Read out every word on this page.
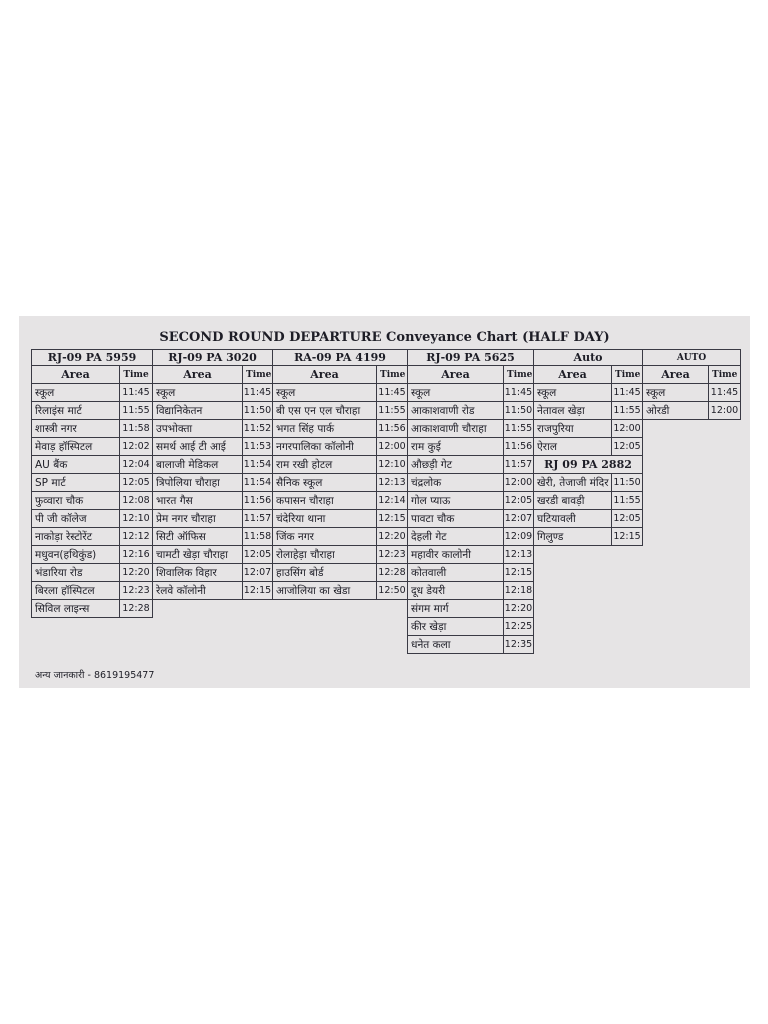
SECOND ROUND DEPARTURE Conveyance Chart (HALF DAY)
RJ-09 PA 5959	
Area	Time
स्कूल	11:45
रिलाइंस मार्ट	11:55
शास्त्री नगर	11:58
मेवाड़ हॉस्पिटल	12:02
AU बैंक	12:04
SP मार्ट	12:05
फुव्वारा चौक	12:08
पी जी कॉलेज	12:10
नाकोड़ा रेस्टोरेंट	12:12
मधुवन(हथिकुंड)	12:16
भंडारिया रोड	12:20
बिरला हॉस्पिटल	12:23
सिविल लाइन्स	12:28
RJ-09 PA 3020	
Area	Time
स्कूल	11:45
विद्यानिकेतन	11:50
उपभोक्ता	11:52
समर्थ आई टी आई	11:53
बालाजी मेडिकल	11:54
त्रिपोलिया चौराहा	11:54
भारत गैस	11:56
प्रेम नगर चौराहा	11:57
सिटी ऑफिस	11:58
चामटी खेड़ा चौराहा	12:05
शिवालिक विहार	12:07
रेलवे कॉलोनी	12:15
RA-09 PA 4199	
Area	Time
स्कूल	11:45
बी एस एन एल चौराहा	11:55
भगत सिंह पार्क	11:56
नगरपालिका कॉलोनी	12:00
राम रखी होटल	12:10
सैनिक स्कूल	12:13
कपासन चौराहा	12:14
चंदेरिया थाना	12:15
जिंक नगर	12:20
रोलाहेड़ा चौराहा	12:23
हाउसिंग बोर्ड	12:28
आजोलिया का खेडा	12:50
RJ-09 PA 5625	
Area	Time
स्कूल	11:45
आकाशवाणी रोड	11:50
आकाशवाणी चौराहा	11:55
राम कुई	11:56
औछड़ी गेट	11:57
चंद्रलोक	12:00
गोल प्याऊ	12:05
पावटा चौक	12:07
देहली गेट	12:09
महावीर कालोनी	12:13
कोतवाली	12:15
दूध डेयरी	12:18
संगम मार्ग	12:20
कीर खेड़ा	12:25
धनेत कला	12:35
Auto	
Area	Time
स्कूल	11:45
नेतावल खेड़ा	11:55
राजपुरिया	12:00
ऐराल	12:05
RJ 09 PA 2882	
खेरी, तेजाजी मंदिर	11:50
खरडी बावड़ी	11:55
घटियावली	12:05
गिलुण्ड	12:15
AUTO	
Area	Time
स्कूल	11:45
ओरडी	12:00
अन्य जानकारी - 8619195477
